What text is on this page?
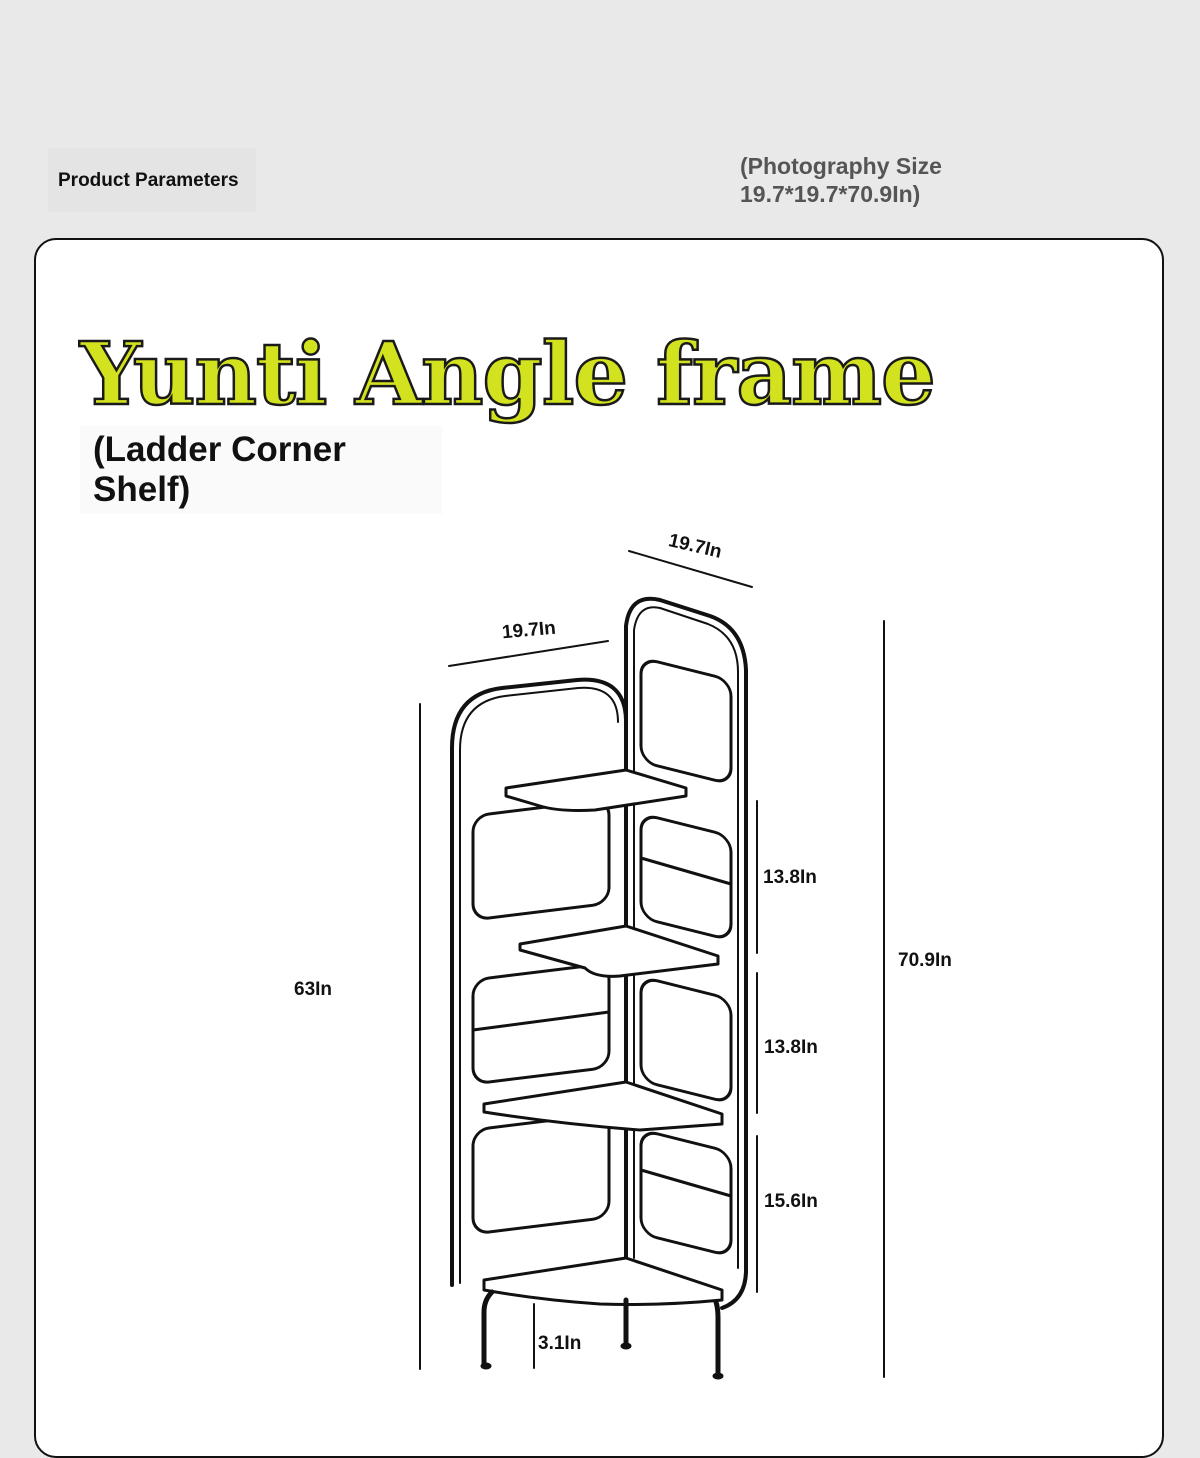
Product Parameters
(Photography Size
19.7*19.7*70.9In)
Yunti Angle frame
(Ladder Corner Shelf)
19.7In
19.7In
13.8In
70.9In
63In
13.8In
15.6In
3.1In
